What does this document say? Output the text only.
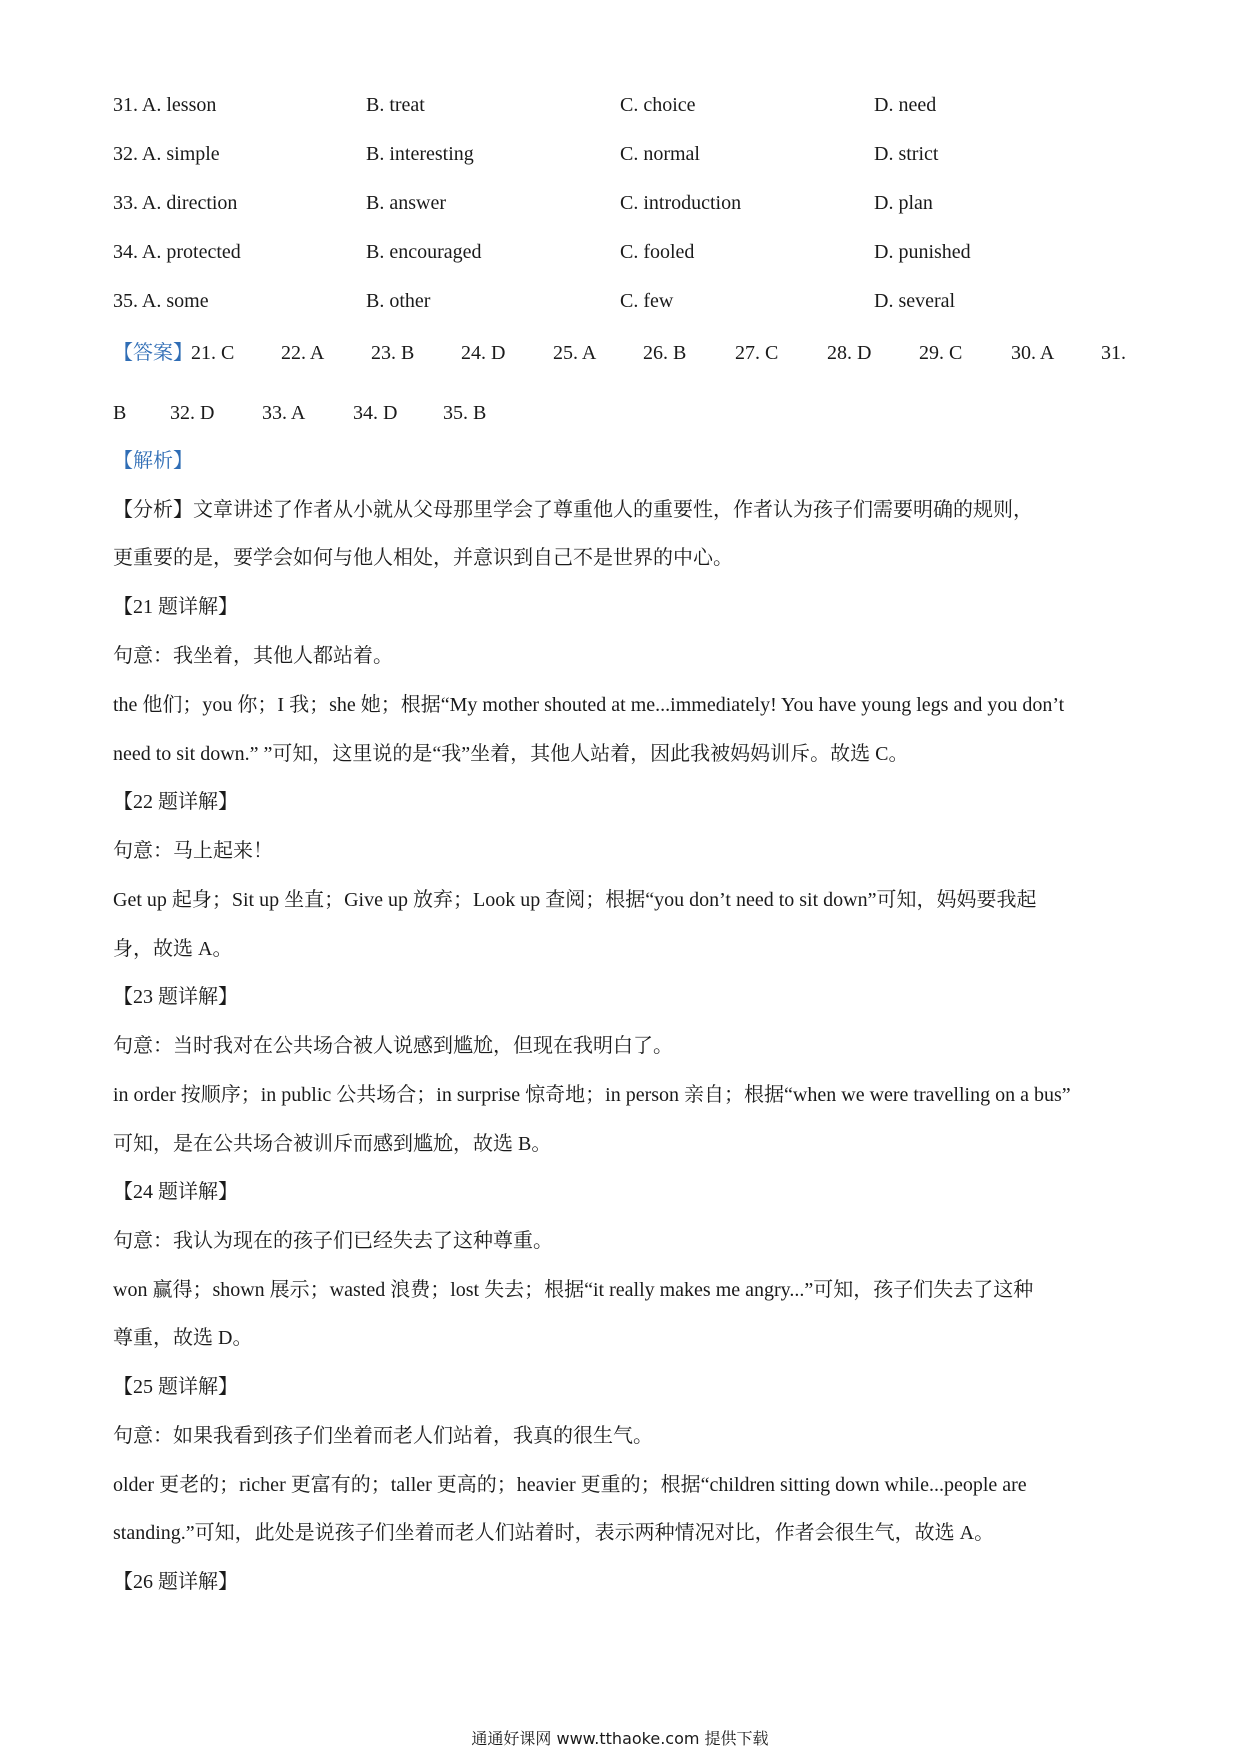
31. A. lesson	B. treat	C. choice	D. need
32. A. simple	B. interesting	C. normal	D. strict
33. A. direction	B. answer	C. introduction	D. plan
34. A. protected	B. encouraged	C. fooled	D. punished
35. A. some	B. other	C. few	D. several
【答案】
21. C 22. A 23. B 24. D 25. A 26. B 27. C 28. D 29. C 30. A 31.
B 32. D 33. A 34. D 35. B
【解析】
【分析】文章讲述了作者从小就从父母那里学会了尊重他人的重要性，作者认为孩子们需要明确的规则，
更重要的是，要学会如何与他人相处，并意识到自己不是世界的中心。
【21 题详解】
句意：我坐着，其他人都站着。
the 他们；you 你；I 我；she 她；根据“My mother shouted at me...immediately! You have young legs and you don’t
need to sit down.” ”可知，这里说的是“我”坐着，其他人站着，因此我被妈妈训斥。故选 C。
【22 题详解】
句意：马上起来！
Get up 起身；Sit up 坐直；Give up 放弃；Look up 查阅；根据“you don’t need to sit down”可知，妈妈要我起
身，故选 A。
【23 题详解】
句意：当时我对在公共场合被人说感到尴尬，但现在我明白了。
in order 按顺序；in public 公共场合；in surprise 惊奇地；in person 亲自；根据“when we were travelling on a bus”
可知，是在公共场合被训斥而感到尴尬，故选 B。
【24 题详解】
句意：我认为现在的孩子们已经失去了这种尊重。
won 赢得；shown 展示；wasted 浪费；lost 失去；根据“it really makes me angry...”可知，孩子们失去了这种
尊重，故选 D。
【25 题详解】
句意：如果我看到孩子们坐着而老人们站着，我真的很生气。
older 更老的；richer 更富有的；taller 更高的；heavier 更重的；根据“children sitting down while...people are
standing.”可知，此处是说孩子们坐着而老人们站着时，表示两种情况对比，作者会很生气，故选 A。
【26 题详解】
通通好课网 www.tthaoke.com 提供下载
